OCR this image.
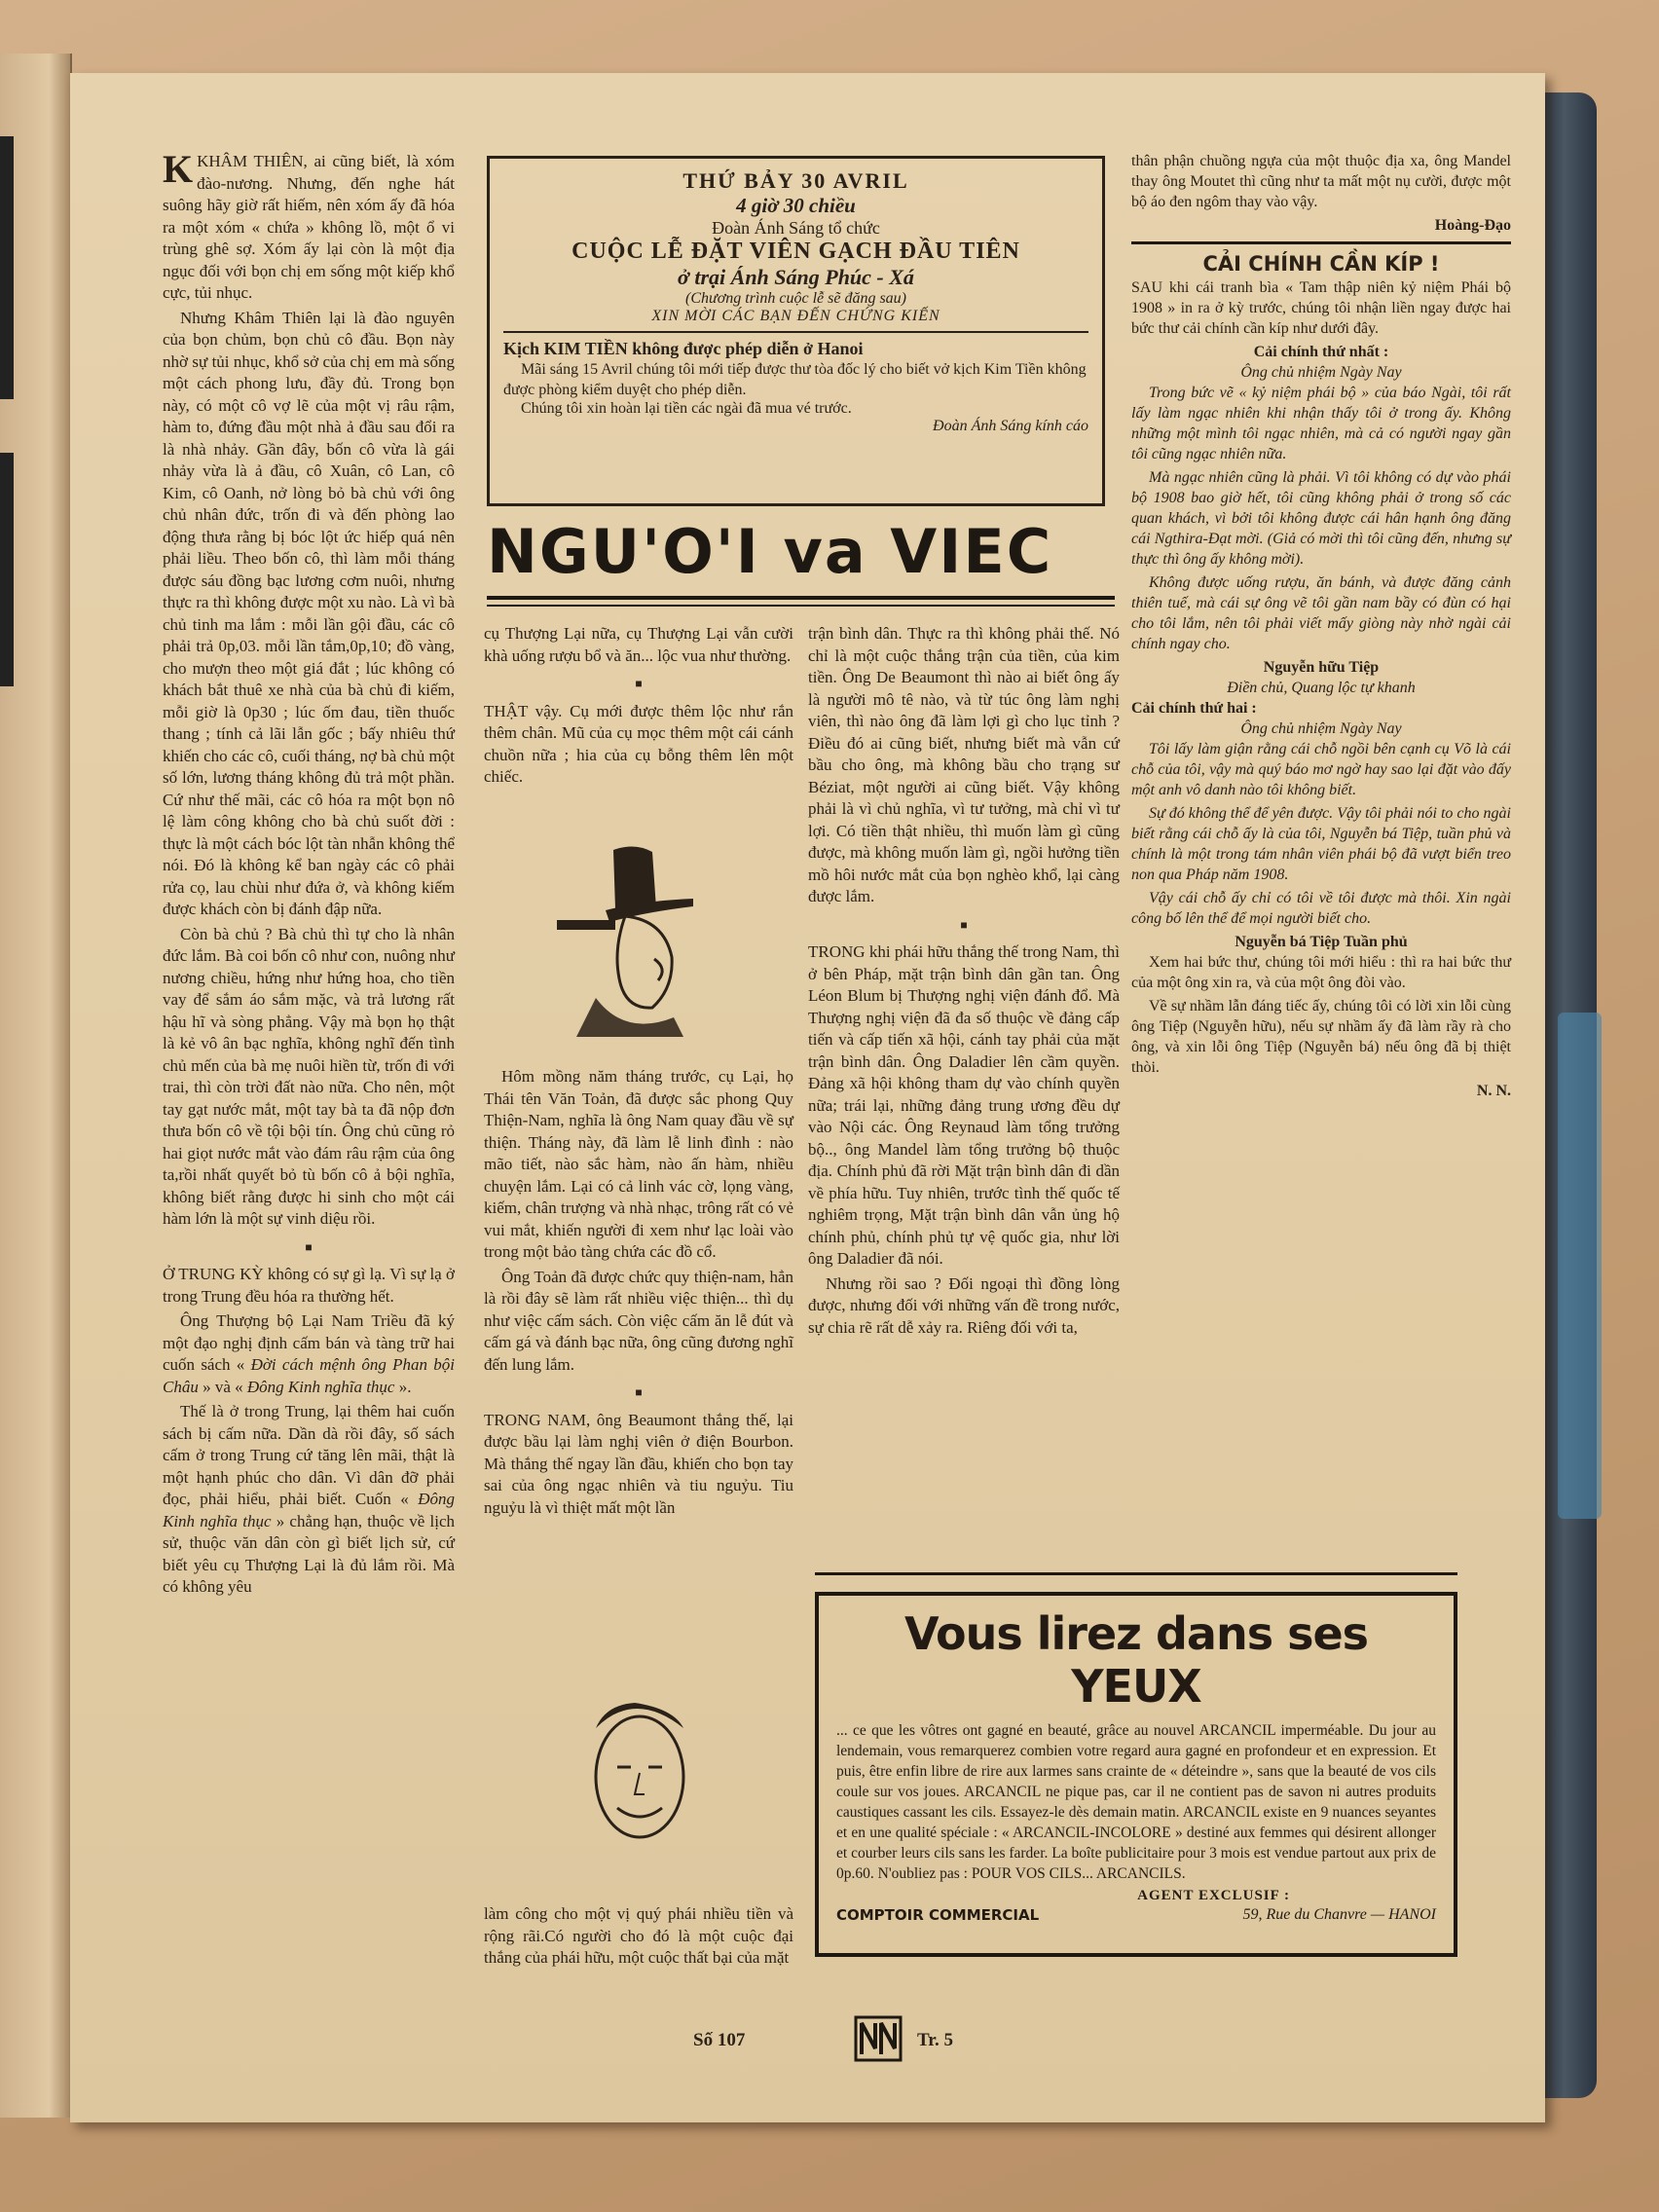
KKHÂM THIÊN, ai cũng biết, là xóm đào-nương. Nhưng, đến nghe hát suông hãy giờ rất hiếm, nên xóm ấy đã hóa ra một xóm « chứa » không lồ, một ổ vi trùng ghê sợ. Xóm ấy lại còn là một địa ngục đối với bọn chị em sống một kiếp khổ cực, tủi nhục.

Nhưng Khâm Thiên lại là đào nguyên của bọn chủm, bọn chủ cô đầu. Bọn này nhờ sự tủi nhục, khổ sở của chị em mà sống một cách phong lưu, đầy đủ. Trong bọn này, có một cô vợ lẽ của một vị râu rậm, hàm to, đứng đầu một nhà ả đầu sau đổi ra là nhà nhảy. Gần đây, bốn cô vừa là gái nhảy vừa là ả đầu, cô Xuân, cô Lan, cô Kim, cô Oanh, nở lòng bỏ bà chủ với ông chủ nhân đức, trốn đi và đến phòng lao động thưa rằng bị bóc lột ức hiếp quá nên phải liều. Theo bốn cô, thì làm mỗi tháng được sáu đồng bạc lương cơm nuôi, nhưng thực ra thì không được một xu nào. Là vì bà chủ tinh ma lắm : mỗi lần gội đầu, các cô phải trả 0p,03. mỗi lần tắm,0p,10; đồ vàng, cho mượn theo một giá đắt ; lúc không có khách bắt thuê xe nhà của bà chủ đi kiếm, mỗi giờ là 0p30 ; lúc ốm đau, tiền thuốc thang ; tính cả lãi lẫn gốc ; bấy nhiêu thứ khiến cho các cô, cuối tháng, nợ bà chủ một số lớn, lương tháng không đủ trả một phần. Cứ như thế mãi, các cô hóa ra một bọn nô lệ làm công không cho bà chủ suốt đời : thực là một cách bóc lột tàn nhẫn không thể nói. Đó là không kể ban ngày các cô phải rửa cọ, lau chùi như đứa ở, và không kiếm được khách còn bị đánh đập nữa.

Còn bà chủ ? Bà chủ thì tự cho là nhân đức lắm. Bà coi bốn cô như con, nuông như nương chiều, hứng như hứng hoa, cho tiền vay để sắm áo sắm mặc, và trả lương rất hậu hĩ và sòng phẳng. Vậy mà bọn họ thật là kẻ vô ân bạc nghĩa, không nghĩ đến tình chủ mến của bà mẹ nuôi hiền từ, trốn đi với trai, thì còn trời đất nào nữa. Cho nên, một tay gạt nước mắt, một tay bà ta đã nộp đơn thưa bốn cô về tội bội tín. Ông chủ cũng rỏ hai giọt nước mắt vào đám râu rậm của ông ta,rồi nhất quyết bỏ tù bốn cô ả bội nghĩa, không biết rằng được hi sinh cho một cái hàm lớn là một sự vinh diệu rồi.

■

Ở TRUNG KỲ không có sự gì lạ. Vì sự lạ ở trong Trung đều hóa ra thường hết.

Ông Thượng bộ Lại Nam Triều đã ký một đạo nghị định cấm bán và tàng trữ hai cuốn sách « Đời cách mệnh ông Phan bội Châu » và « Đông Kinh nghĩa thục ».

Thế là ở trong Trung, lại thêm hai cuốn sách bị cấm nữa. Dần dà rồi đây, số sách cấm ở trong Trung cứ tăng lên mãi, thật là một hạnh phúc cho dân. Vì dân đỡ phải đọc, phải hiểu, phải biết. Cuốn « Đông Kinh nghĩa thục » chẳng hạn, thuộc về lịch sử, thuộc văn dân còn gì biết lịch sử, cứ biết yêu cụ Thượng Lại là đủ lắm rồi. Mà có không yêu

THỨ BẢY 30 AVRIL
4 giờ 30 chiều
Đoàn Ánh Sáng tổ chức
CUỘC LỄ ĐẶT VIÊN GẠCH ĐẦU TIÊN
ở trại Ánh Sáng Phúc - Xá
(Chương trình cuộc lễ sẽ đăng sau)
XIN MỜI CÁC BẠN ĐẾN CHỨNG KIẾN
Kịch KIM TIỀN không được phép diễn ở Hanoi
Mãi sáng 15 Avril chúng tôi mới tiếp được thư tòa đốc lý cho biết vở kịch Kim Tiền không được phòng kiểm duyệt cho phép diễn.
Chúng tôi xin hoàn lại tiền các ngài đã mua vé trước.
Đoàn Ánh Sáng kính cáo
NGU'O'I va VIEC

cụ Thượng Lại nữa, cụ Thượng Lại vẫn cười khà uống rượu bổ và ăn... lộc vua như thường.

■

THẬT vậy. Cụ mới được thêm lộc như rắn thêm chân. Mũ của cụ mọc thêm một cái cánh chuồn nữa ; hia của cụ bỗng thêm lên một chiếc.

Hôm mồng năm tháng trước, cụ Lại, họ Thái tên Văn Toản, đã được sắc phong Quy Thiện-Nam, nghĩa là ông Nam quay đầu về sự thiện. Tháng này, đã làm lễ linh đình : nào mão tiết, nào sắc hàm, nào ấn hàm, nhiều chuyện lắm. Lại có cả linh vác cờ, lọng vàng, kiếm, chân trượng và nhà nhạc, trông rất có vẻ vui mắt, khiến người đi xem như lạc loài vào trong một bảo tàng chứa các đồ cổ.

Ông Toản đã được chức quy thiện-nam, hẳn là rồi đây sẽ làm rất nhiều việc thiện... thì dụ như việc cấm sách. Còn việc cấm ăn lễ đút và cấm gá và đánh bạc nữa, ông cũng đương nghĩ đến lung lắm.

■

TRONG NAM, ông Beaumont thắng thế, lại được bầu lại làm nghị viên ở điện Bourbon. Mà thắng thế ngay lần đầu, khiến cho bọn tay sai của ông ngạc nhiên và tiu nguỷu. Tiu nguỷu là vì thiệt mất một lần

làm công cho một vị quý phái nhiều tiền và rộng rãi.Có người cho đó là một cuộc đại thắng của phái hữu, một cuộc thất bại của mặt

trận bình dân. Thực ra thì không phải thế. Nó chỉ là một cuộc thắng trận của tiền, của kim tiền. Ông De Beaumont thì nào ai biết ông ấy là người mô tê nào, và từ túc ông làm nghị viên, thì nào ông đã làm lợi gì cho lục tỉnh ? Điều đó ai cũng biết, nhưng biết mà vẫn cứ bầu cho ông, mà không bầu cho trạng sư Béziat, một người ai cũng biết. Vậy không phải là vì chủ nghĩa, vì tư tưởng, mà chỉ vì tư lợi. Có tiền thật nhiều, thì muốn làm gì cũng được, mà không muốn làm gì, ngồi hưởng tiền mồ hôi nước mắt của bọn nghèo khổ, lại càng được lắm.

■

TRONG khi phái hữu thắng thế trong Nam, thì ở bên Pháp, mặt trận bình dân gần tan. Ông Léon Blum bị Thượng nghị viện đánh đổ. Mà Thượng nghị viện đã đa số thuộc về đảng cấp tiến và cấp tiến xã hội, cánh tay phải của mặt trận bình dân. Ông Daladier lên cầm quyền. Đảng xã hội không tham dự vào chính quyền nữa; trái lại, những đảng trung ương đều dự vào Nội các. Ông Reynaud làm tổng trưởng bộ.., ông Mandel làm tổng trưởng bộ thuộc địa. Chính phủ đã rời Mặt trận bình dân đi dần về phía hữu. Tuy nhiên, trước tình thế quốc tế nghiêm trọng, Mặt trận bình dân vẫn ủng hộ chính phủ, chính phủ tự vệ quốc gia, như lời ông Daladier đã nói.

Nhưng rồi sao ? Đối ngoại thì đồng lòng được, nhưng đối với những vấn đề trong nước, sự chia rẽ rất dễ xảy ra. Riêng đối với ta,

thân phận chuồng ngựa của một thuộc địa xa, ông Mandel thay ông Moutet thì cũng như ta mất một nụ cười, được một bộ áo đen ngôm thay vào vậy.

Hoàng-Đạo
CẢI CHÍNH CẦN KÍP !

SAU khi cái tranh bìa « Tam thập niên kỷ niệm Phái bộ 1908 » in ra ở kỳ trước, chúng tôi nhận liền ngay được hai bức thư cải chính cần kíp như dưới đây.

Cải chính thứ nhất :
Ông chủ nhiệm Ngày Nay

Trong bức vẽ « kỷ niệm phái bộ » của báo Ngài, tôi rất lấy làm ngạc nhiên khi nhận thấy tôi ở trong ấy. Không những một mình tôi ngạc nhiên, mà cả có người ngay gần tôi cũng ngạc nhiên nữa.

Mà ngạc nhiên cũng là phải. Vì tôi không có dự vào phái bộ 1908 bao giờ hết, tôi cũng không phải ở trong số các quan khách, vì bởi tôi không được cái hân hạnh ông đăng cái Ngthira-Đạt mời. (Giả có mời thì tôi cũng đến, nhưng sự thực thì ông ấy không mời).

Không được uống rượu, ăn bánh, và được đăng cảnh thiên tuế, mà cái sự ông vẽ tôi gần nam bầy có đùn có hại cho tôi lắm, nên tôi phải viết mấy giòng này nhờ ngài cải chính ngay cho.

Nguyễn hữu Tiệp
Điền chủ, Quang lộc tự khanh
Cải chính thứ hai :
Ông chủ nhiệm Ngày Nay

Tôi lấy làm giận rằng cái chỗ ngồi bên cạnh cụ Võ là cái chỗ của tôi, vậy mà quý báo mơ ngờ hay sao lại đặt vào đấy một anh vô danh nào tôi không biết.

Sự đó không thể để yên được. Vậy tôi phải nói to cho ngài biết rằng cái chỗ ấy là của tôi, Nguyễn bá Tiệp, tuần phủ và chính là một trong tám nhân viên phái bộ đã vượt biển treo non qua Pháp năm 1908.

Vậy cái chỗ ấy chỉ có tôi về tôi được mà thôi. Xin ngài công bố lên thể để mọi người biết cho.

Nguyễn bá Tiệp Tuần phủ

Xem hai bức thư, chúng tôi mới hiểu : thì ra hai bức thư của một ông xin ra, và của một ông đòi vào.

Về sự nhầm lẫn đáng tiếc ấy, chúng tôi có lời xin lỗi cùng ông Tiệp (Nguyễn hữu), nếu sự nhầm ấy đã làm rầy rà cho ông, và xin lỗi ông Tiệp (Nguyễn bá) nếu ông đã bị thiệt thòi.

N. N.
Vous lirez dans ses YEUX
... ce que les vôtres ont gagné en beauté, grâce au nouvel ARCANCIL imperméable. Du jour au lendemain, vous remarquerez combien votre regard aura gagné en profondeur et en expression. Et puis, être enfin libre de rire aux larmes sans crainte de « déteindre », sans que la beauté de vos cils coule sur vos joues. ARCANCIL ne pique pas, car il ne contient pas de savon ni autres produits caustiques cassant les cils. Essayez-le dès demain matin. ARCANCIL existe en 9 nuances seyantes et en une qualité spéciale : « ARCANCIL-INCOLORE » destiné aux femmes qui désirent allonger et courber leurs cils sans les farder. La boîte publicitaire pour 3 mois est vendue partout aux prix de 0p.60. N'oubliez pas : POUR VOS CILS... ARCANCILS.
AGENT EXCLUSIF :
COMPTOIR COMMERCIAL	59, Rue du Chanvre — HANOI
Số 107	Tr. 5
